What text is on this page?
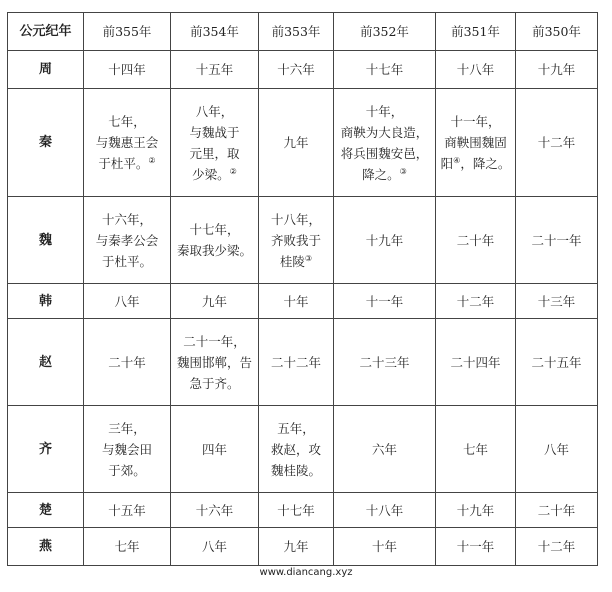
公元纪年	前355年	前354年	前353年	前352年	前351年	前350年
周	十四年	十五年	十六年	十七年	十八年	十九年

秦	七年，
与魏惠王会
于杜平。②	八年，
与魏战于
元里，取
少梁。②	九年	十年，
商鞅为大良造，
将兵围魏安邑，
降之。③	十一年，
商鞅围魏固
阳④，降之。	十二年

魏	十六年，
与秦孝公会
于杜平。	十七年，
秦取我少梁。	十八年，
齐败我于
桂陵③	十九年	二十年	二十一年

韩	八年	九年	十年	十一年	十二年	十三年

赵	二十年	二十一年，
魏围邯郸，告
急于齐。	二十二年	二十三年	二十四年	二十五年

齐	三年，
与魏会田
于郊。	四年	五年，
救赵，攻
魏桂陵。	六年	七年	八年

楚	十五年	十六年	十七年	十八年	十九年	二十年

燕	七年	八年	九年	十年	十一年	十二年
www.diancang.xyz
